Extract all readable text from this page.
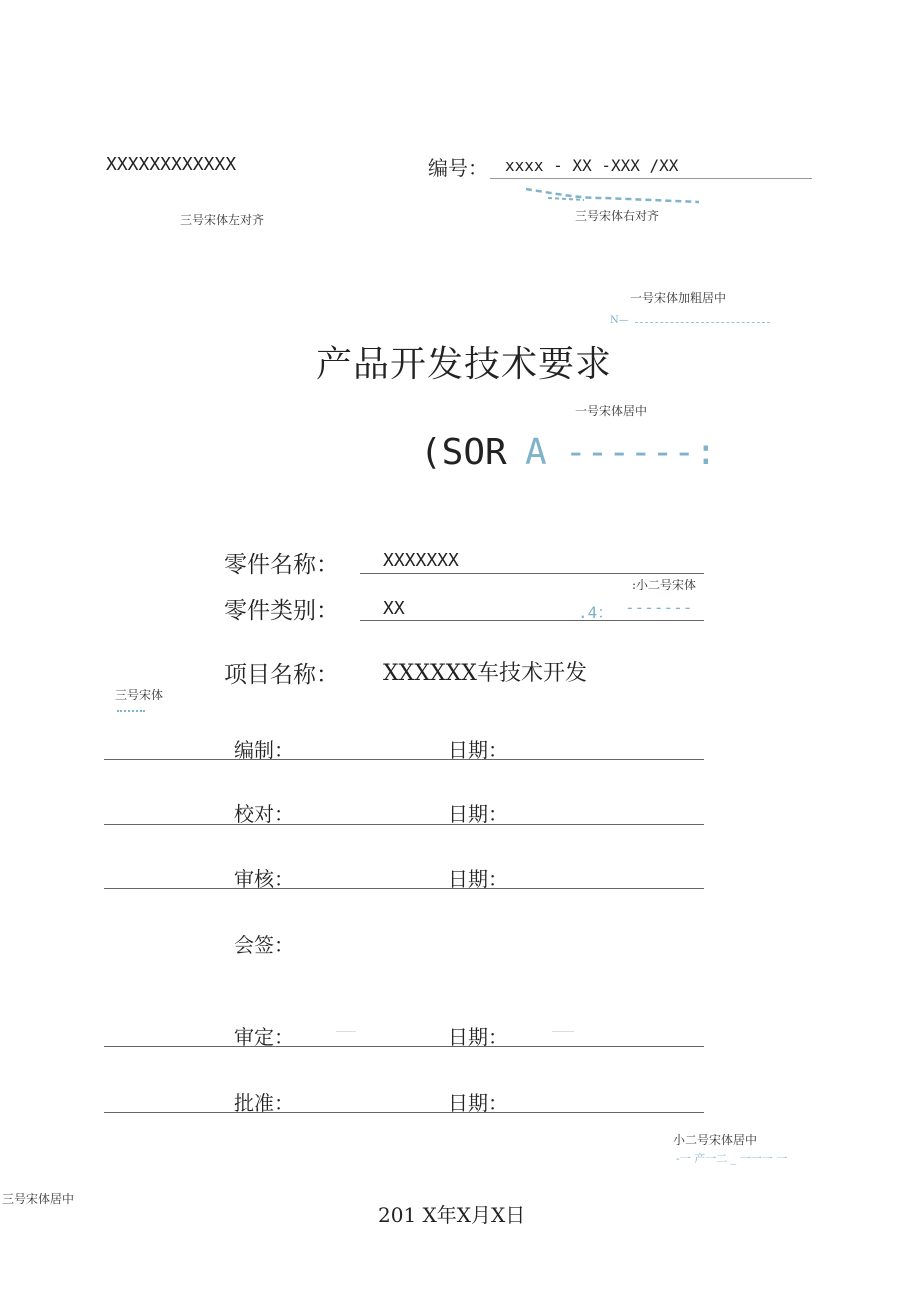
XXXXXXXXXXXX	编号： xxxx - XX -XXX /XX
三号宋体左对齐	三号宋体右对齐
一号宋体加粗居中
N—
产品开发技术要求
一号宋体居中
(SOR A ------:
零件名称： XXXXXXX
:小二号宋体
零件类别： XX	.4： -------
项目名称： XXXXXX车技术开发
三号宋体
编制：	日期：
校对：	日期：
审核：	日期：
会签：
审定：	日期：
批准：	日期：
小二号宋体居中
-一 产一二 _ 一一一 一
三号宋体居中
201 X年X月X日
